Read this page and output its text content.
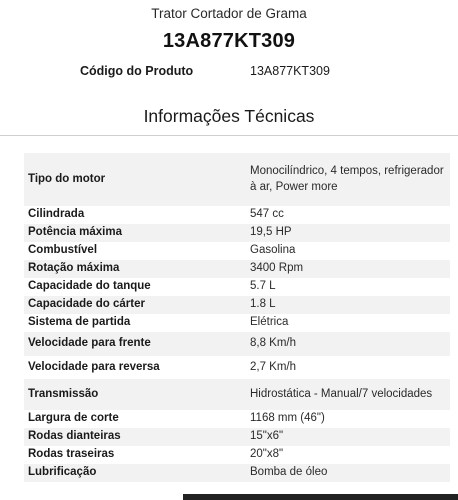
Trator Cortador de Grama
13A877KT309
Código do Produto	13A877KT309
Informações Técnicas
Tipo do motor	Monocilíndrico, 4 tempos, refrigerador à ar, Power more
Cilindrada	547 cc
Potência máxima	19,5 HP
Combustível	Gasolina
Rotação máxima	3400 Rpm
Capacidade do tanque	5.7 L
Capacidade do cárter	1.8 L
Sistema de partida	Elétrica
Velocidade para frente	8,8 Km/h
Velocidade para reversa	2,7 Km/h
Transmissão	Hidrostática - Manual/7 velocidades
Largura de corte	1168 mm (46")
Rodas dianteiras	15"x6"
Rodas traseiras	20"x8"
Lubrificação	Bomba de óleo
